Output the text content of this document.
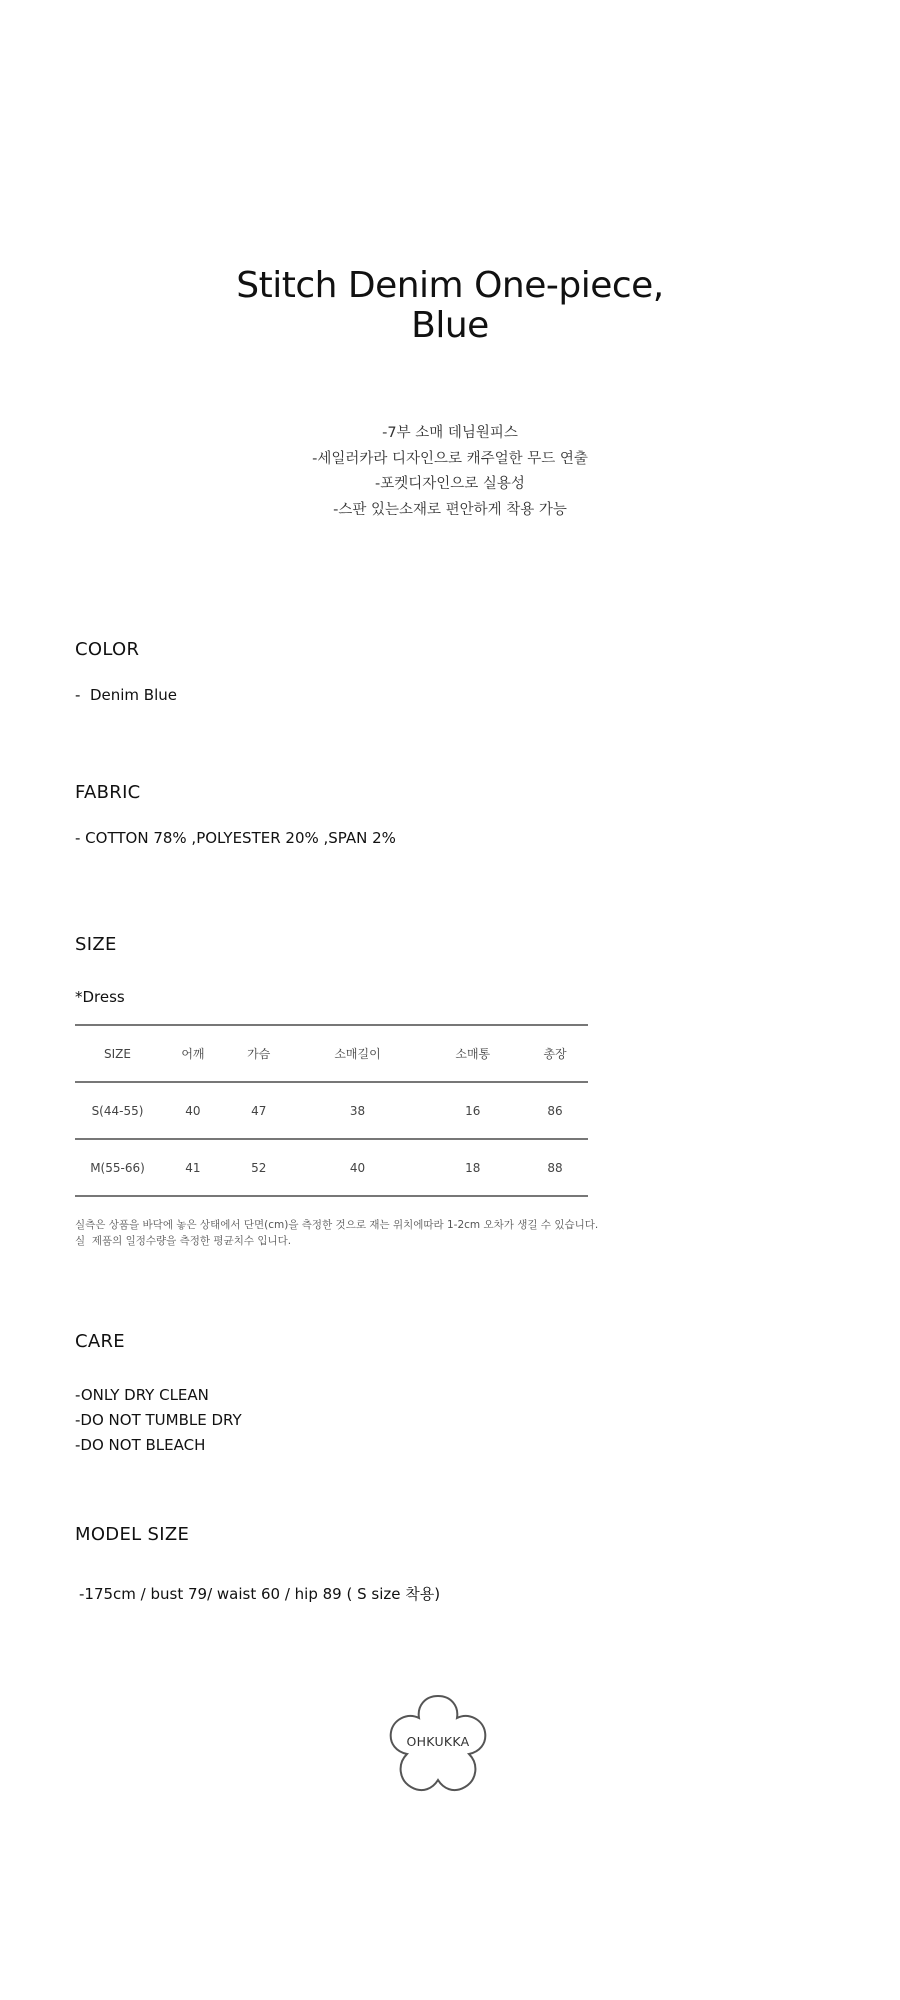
Stitch Denim One-piece,
Blue
-7부 소매 데님원피스
-세일러카라 디자인으로 캐주얼한 무드 연출
-포켓디자인으로 실용성
-스판 있는소재로 편안하게 착용 가능
COLOR
-  Denim Blue
FABRIC
- COTTON 78% ,POLYESTER 20% ,SPAN 2%
SIZE
*Dress
SIZE	어깨	가슴	소매길이	소매통	총장
S(44-55)	40	47	38	16	86
M(55-66)	41	52	40	18	88
실측은 상품을 바닥에 놓은 상태에서 단면(cm)을 측정한 것으로 재는 위치에따라 1-2cm 오차가 생길 수 있습니다.
실  제품의 일정수량을 측정한 평균치수 입니다.
CARE
-ONLY DRY CLEAN
-DO NOT TUMBLE DRY
-DO NOT BLEACH
MODEL SIZE
-175cm / bust 79/ waist 60 / hip 89 ( S size 착용)
OHKUKKA
